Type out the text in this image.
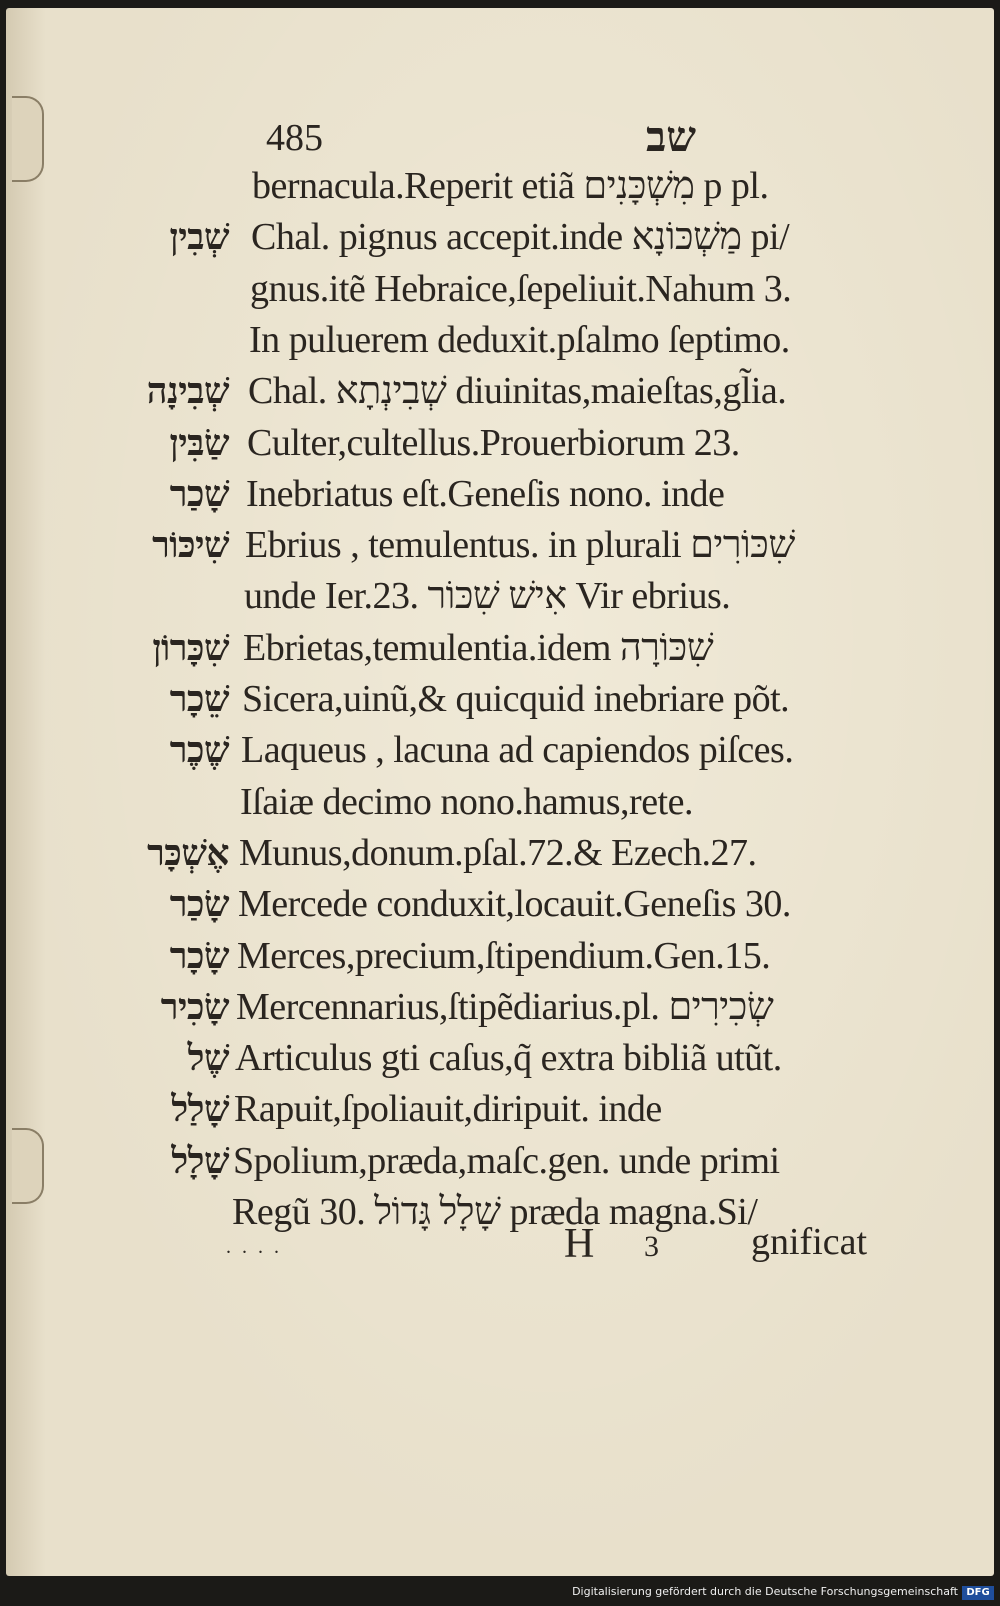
485	שב
bernacula.Reperit etiã מִשְׁכָּנִים p pl.
שְׁבִין Chal. pignus accepit.inde מַשְׁכּוֹנָא pi/
gnus.itẽ Hebraice,ſepeliuit.Nahum 3.
In puluerem deduxit.pſalmo ſeptimo.
שְׁבִינָה Chal. שְׁבִינְתָא diuinitas,maieſtas,gl̃ia.
שַׂבִּין Culter,cultellus.Prouerbiorum 23.
שָׁכַר Inebriatus eſt.Geneſis nono. inde
שִׁיכּוֹר Ebrius , temulentus. in plurali שִׁכּוֹרִים
unde Ier.23. אִישׁ שִׁכּוֹר Vir ebrius.
שִׁכָּרוֹן Ebrietas,temulentia.idem שִׁכּוֹרָה
שֵׁכָר Sicera,uinũ,& quicquid inebriare põt.
שֶׁכֶר Laqueus , lacuna ad capiendos piſces.
Iſaiæ decimo nono.hamus,rete.
אֶשְׁכָּר Munus,donum.pſal.72.& Ezech.27.
שָׂכַר Mercede conduxit,locauit.Geneſis 30.
שָׂכָר Merces,precium,ſtipendium.Gen.15.
שָׂכִיר Mercennarius,ſtipẽdiarius.pl. שְׂכִירִים
שֶׁל Articulus gti caſus,q̃ extra bibliã utũt.
שָׁלַל Rapuit,ſpoliauit,diripuit. inde
שָׁלָל Spolium,præda,maſc.gen. unde primi
Regũ 30. שָׁלָל גָּדוֹל præda magna.Si/
. . . .	H 3 gnificat
Digitalisierung gefördert durch die Deutsche Forschungsgemeinschaft DFG
